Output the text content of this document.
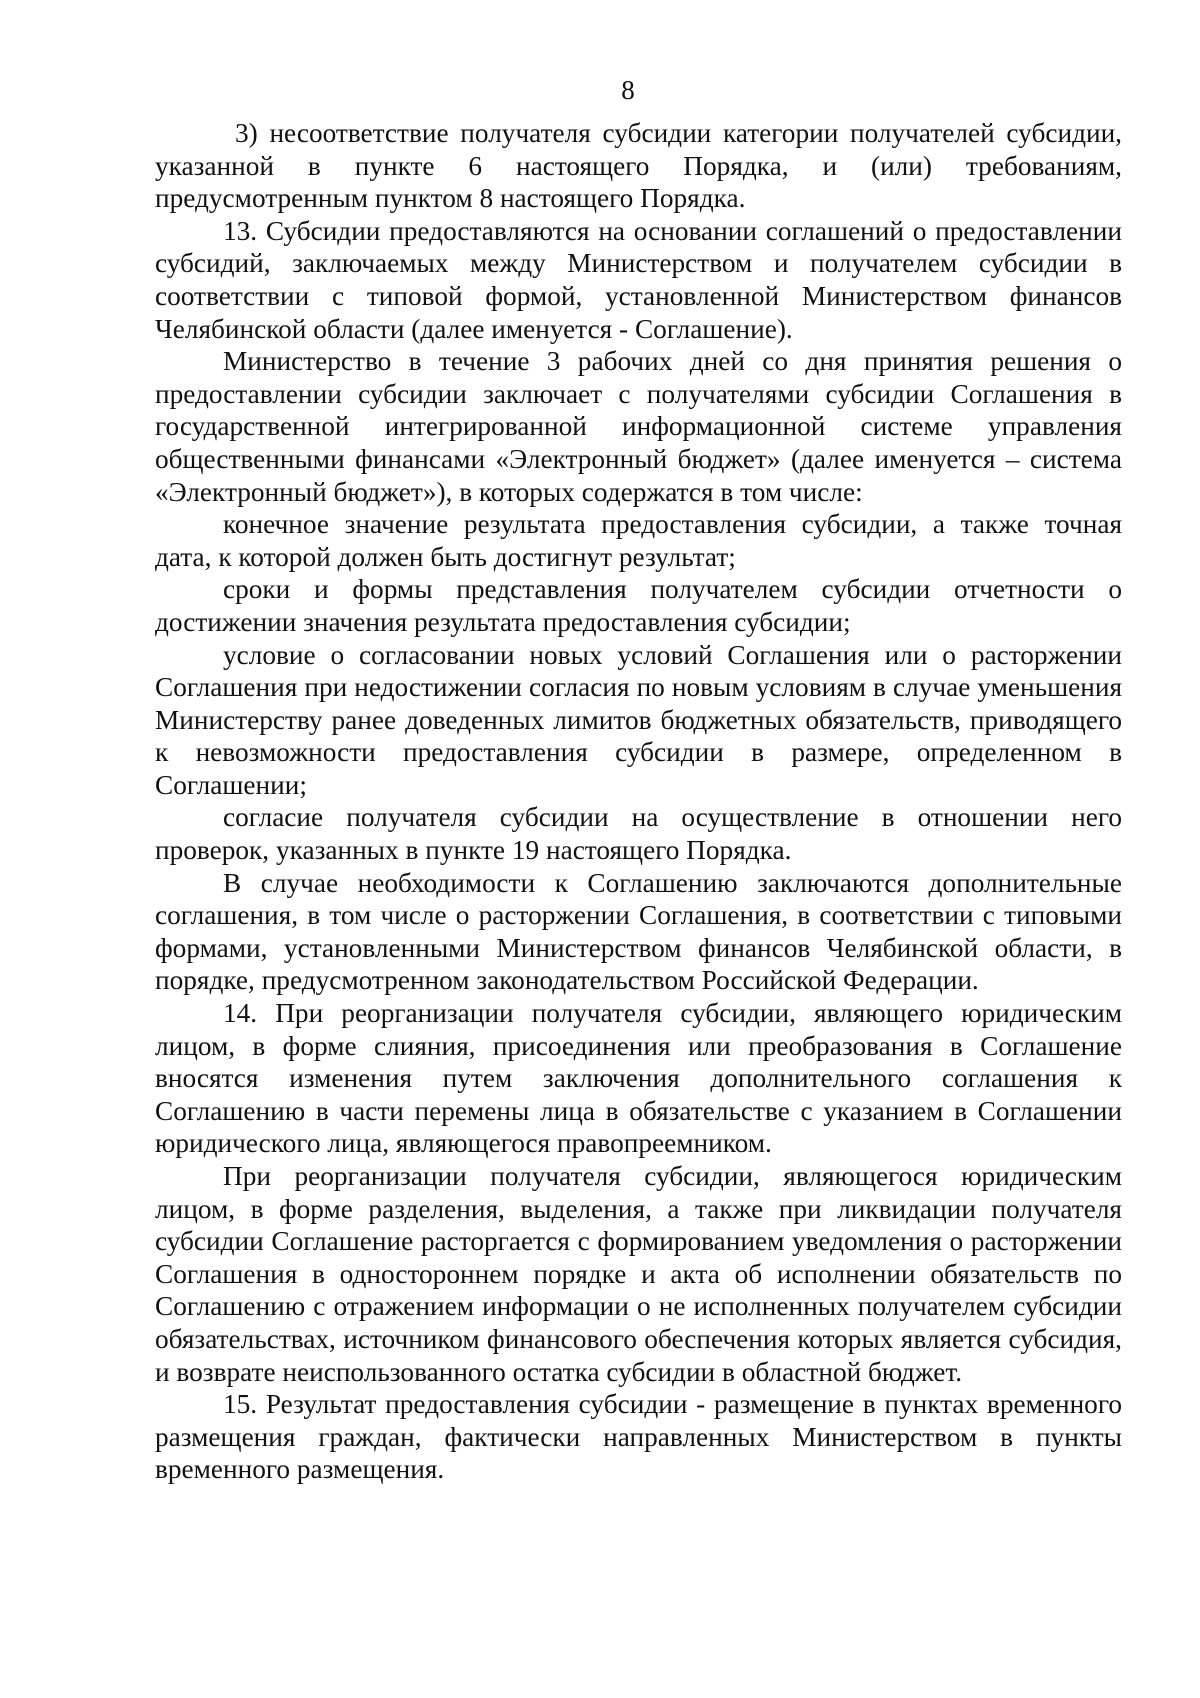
8

3) несоответствие получателя субсидии категории получателей субсидии, указанной в пункте 6 настоящего Порядка, и (или) требованиям, предусмотренным пунктом 8 настоящего Порядка.

13. Субсидии предоставляются на основании соглашений о предоставлении субсидий, заключаемых между Министерством и получателем субсидии в соответствии с типовой формой, установленной Министерством финансов Челябинской области (далее именуется - Соглашение).

Министерство в течение 3 рабочих дней со дня принятия решения о предоставлении субсидии заключает с получателями субсидии Соглашения в государственной интегрированной информационной системе управления общественными финансами «Электронный бюджет» (далее именуется – система «Электронный бюджет»), в которых содержатся в том числе:

конечное значение результата предоставления субсидии, а также точная дата, к которой должен быть достигнут результат;

сроки и формы представления получателем субсидии отчетности о достижении значения результата предоставления субсидии;

условие о согласовании новых условий Соглашения или о расторжении Соглашения при недостижении согласия по новым условиям в случае уменьшения Министерству ранее доведенных лимитов бюджетных обязательств, приводящего к невозможности предоставления субсидии в размере, определенном в Соглашении;

согласие получателя субсидии на осуществление в отношении него проверок, указанных в пункте 19 настоящего Порядка.

В случае необходимости к Соглашению заключаются дополнительные соглашения, в том числе о расторжении Соглашения, в соответствии с типовыми формами, установленными Министерством финансов Челябинской области, в порядке, предусмотренном законодательством Российской Федерации.

14. При реорганизации получателя субсидии, являющего юридическим лицом, в форме слияния, присоединения или преобразования в Соглашение вносятся изменения путем заключения дополнительного соглашения к Соглашению в части перемены лица в обязательстве с указанием в Соглашении юридического лица, являющегося правопреемником.

При реорганизации получателя субсидии, являющегося юридическим лицом, в форме разделения, выделения, а также при ликвидации получателя субсидии Соглашение расторгается с формированием уведомления о расторжении Соглашения в одностороннем порядке и акта об исполнении обязательств по Соглашению с отражением информации о не исполненных получателем субсидии обязательствах, источником финансового обеспечения которых является субсидия, и возврате неиспользованного остатка субсидии в областной бюджет.

15. Результат предоставления субсидии - размещение в пунктах временного размещения граждан, фактически направленных Министерством в пункты временного размещения.
